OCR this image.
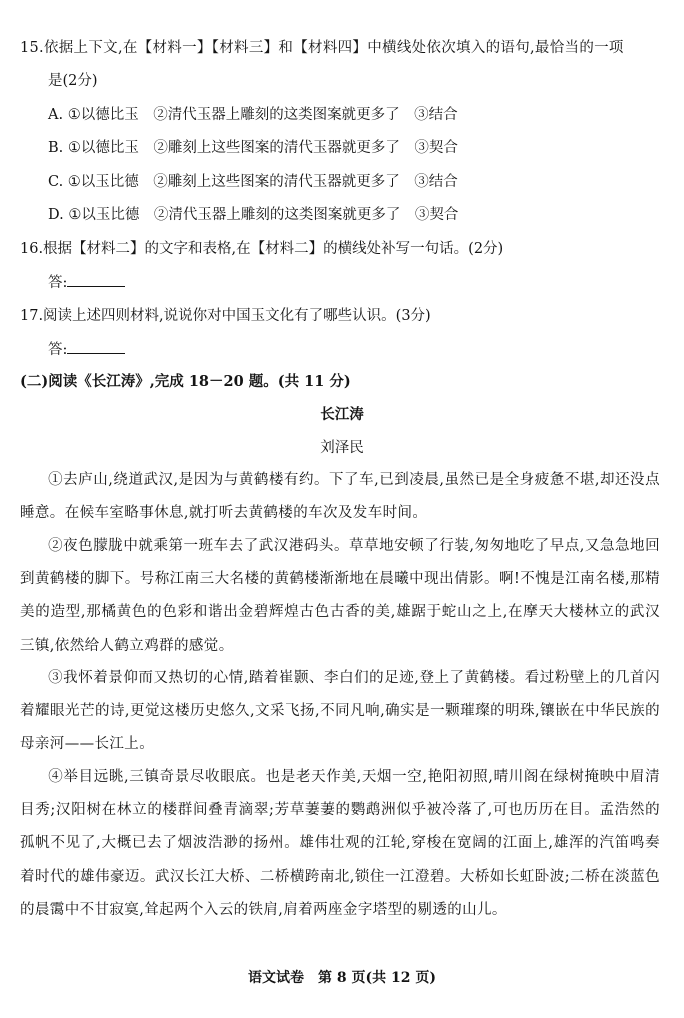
15.依据上下文,在【材料一】【材料三】和【材料四】中横线处依次填入的语句,最恰当的一项
是(2分)
A. ①以德比玉　②清代玉器上雕刻的这类图案就更多了　③结合
B. ①以德比玉　②雕刻上这些图案的清代玉器就更多了　③契合
C. ①以玉比德　②雕刻上这些图案的清代玉器就更多了　③结合
D. ①以玉比德　②清代玉器上雕刻的这类图案就更多了　③契合
16.根据【材料二】的文字和表格,在【材料二】的横线处补写一句话。(2分)
答:
17.阅读上述四则材料,说说你对中国玉文化有了哪些认识。(3分)
答:
(二)阅读《长江涛》,完成 18－20 题。(共 11 分)
长江涛
刘泽民
①去庐山,绕道武汉,是因为与黄鹤楼有约。下了车,已到凌晨,虽然已是全身疲惫不堪,却还没点睡意。在候车室略事休息,就打听去黄鹤楼的车次及发车时间。
②夜色朦胧中就乘第一班车去了武汉港码头。草草地安顿了行装,匆匆地吃了早点,又急急地回到黄鹤楼的脚下。号称江南三大名楼的黄鹤楼渐渐地在晨曦中现出倩影。啊!不愧是江南名楼,那精美的造型,那橘黄色的色彩和谐出金碧辉煌古色古香的美,雄踞于蛇山之上,在摩天大楼林立的武汉三镇,依然给人鹤立鸡群的感觉。
③我怀着景仰而又热切的心情,踏着崔颢、李白们的足迹,登上了黄鹤楼。看过粉壁上的几首闪着耀眼光芒的诗,更觉这楼历史悠久,文采飞扬,不同凡响,确实是一颗璀璨的明珠,镶嵌在中华民族的母亲河——长江上。
④举目远眺,三镇奇景尽收眼底。也是老天作美,天烟一空,艳阳初照,晴川阁在绿树掩映中眉清目秀;汉阳树在林立的楼群间叠青滴翠;芳草萋萋的鹦鹉洲似乎被冷落了,可也历历在目。孟浩然的孤帆不见了,大概已去了烟波浩渺的扬州。雄伟壮观的江轮,穿梭在宽阔的江面上,雄浑的汽笛鸣奏着时代的雄伟豪迈。武汉长江大桥、二桥横跨南北,锁住一江澄碧。大桥如长虹卧波;二桥在淡蓝色的晨霭中不甘寂寞,耸起两个入云的铁肩,肩着两座金字塔型的剔透的山儿。
语文试卷　第 8 页(共 12 页)
